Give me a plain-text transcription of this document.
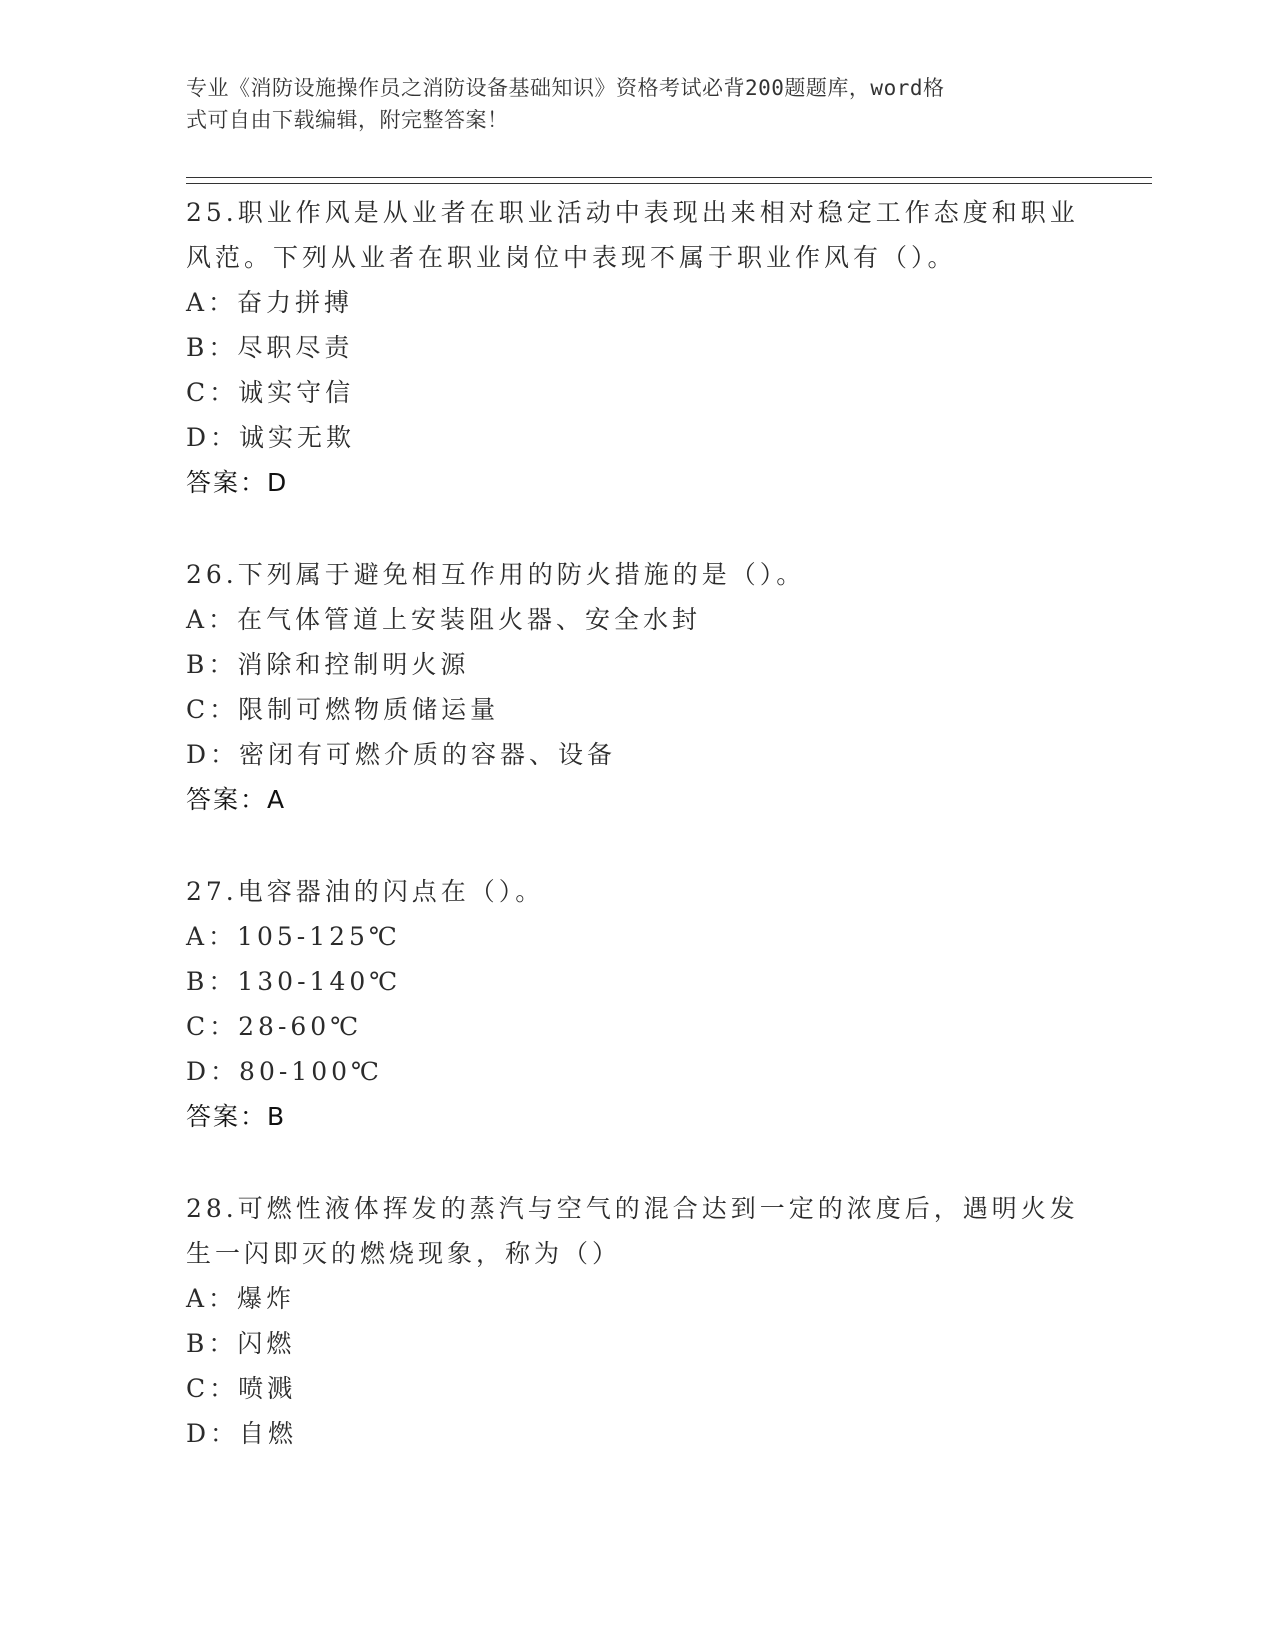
专业《消防设施操作员之消防设备基础知识》资格考试必背200题题库，word格
式可自由下载编辑，附完整答案！

25.职业作风是从业者在职业活动中表现出来相对稳定工作态度和职业

风范。下列从业者在职业岗位中表现不属于职业作风有（）。

A：奋力拼搏

B：尽职尽责

C：诚实守信

D：诚实无欺

答案：D

26.下列属于避免相互作用的防火措施的是（）。

A：在气体管道上安装阻火器、安全水封

B：消除和控制明火源

C：限制可燃物质储运量

D：密闭有可燃介质的容器、设备

答案：A

27.电容器油的闪点在（）。

A：105-125℃

B：130-140℃

C：28-60℃

D：80-100℃

答案：B

28.可燃性液体挥发的蒸汽与空气的混合达到一定的浓度后，遇明火发

生一闪即灭的燃烧现象，称为（）

A：爆炸

B：闪燃

C：喷溅

D：自燃
